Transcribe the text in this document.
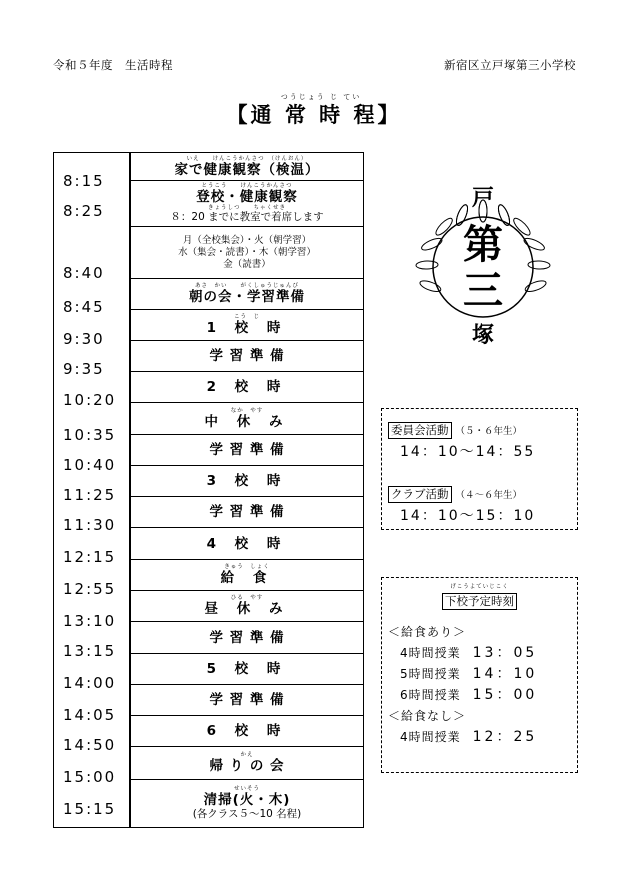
令和５年度　生活時程	新宿区立戸塚第三小学校
つうじょう じ てい
【通 常 時 程】
8:15
8:25
8:40
8:45
9:30
9:35
10:20
10:35
10:40
11:25
11:30
12:15
12:55
13:10
13:15
14:00
14:05
14:50
15:00
15:15
いえ　　けんこうかんさつ　（けんおん）
家で健康観察（検温）
とうこう　　けんこうかんさつ
登校・健康観察
きょうしつ　　ちゃくせき
８：20 までに教室で着席します
月（全校集会）・火（朝学習）
水（集会・読書）・木（朝学習）
金（読書）
あさ　かい　　がくしゅうじゅんび
朝の会・学習準備
こう　じ
1 校 時
学 習 準 備
2 校 時
なか　やす
中 休 み
学 習 準 備
3 校 時
学 習 準 備
4 校 時
きゅう　しょく
給 食
ひる　やす
昼 休 み
学 習 準 備
5 校 時
学 習 準 備
6 校 時
かえ
帰 り の 会
せいそう
清掃(火・木)
(各クラス５～10 名程)
戸
第
三
塚
委員会活動 （５・６年生）
14：10～14：55
クラブ活動 （４～６年生）
14：10～15：10
げこうよていじこく
下校予定時刻
＜給食あり＞
4時間授業 13：05
5時間授業 14：10
6時間授業 15：00
＜給食なし＞
4時間授業 12：25
